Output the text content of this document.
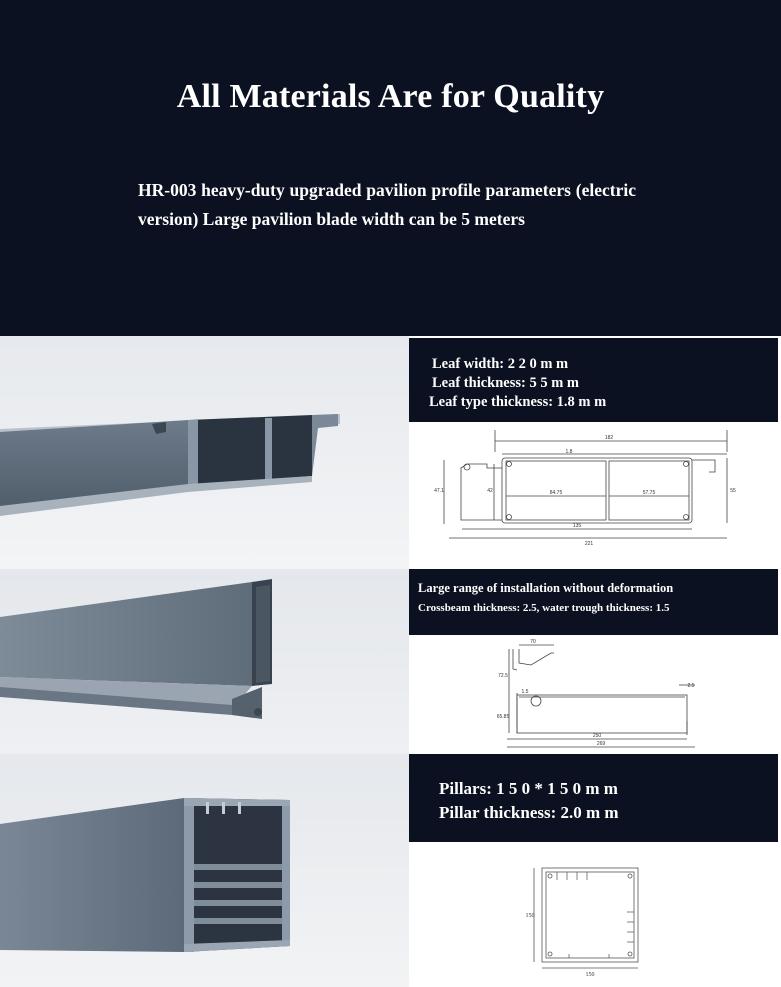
All Materials Are for Quality

HR-003 heavy-duty upgraded pavilion profile parameters (electric version) Large pavilion blade width can be 5 meters

Leaf width: 2 2 0 m m
Leaf thickness: 5 5 m m
Leaf type thickness: 1.8 m m
182
1.8
47.1	42	84.75	57.75	55
135
221
Large range of installation without deformation
Crossbeam thickness: 2.5, water trough thickness: 1.5
70
72.5
65.85
1.5
2.5
250
269
Pillars: 1 5 0 * 1 5 0 m m
Pillar thickness: 2.0 m m
150
150
